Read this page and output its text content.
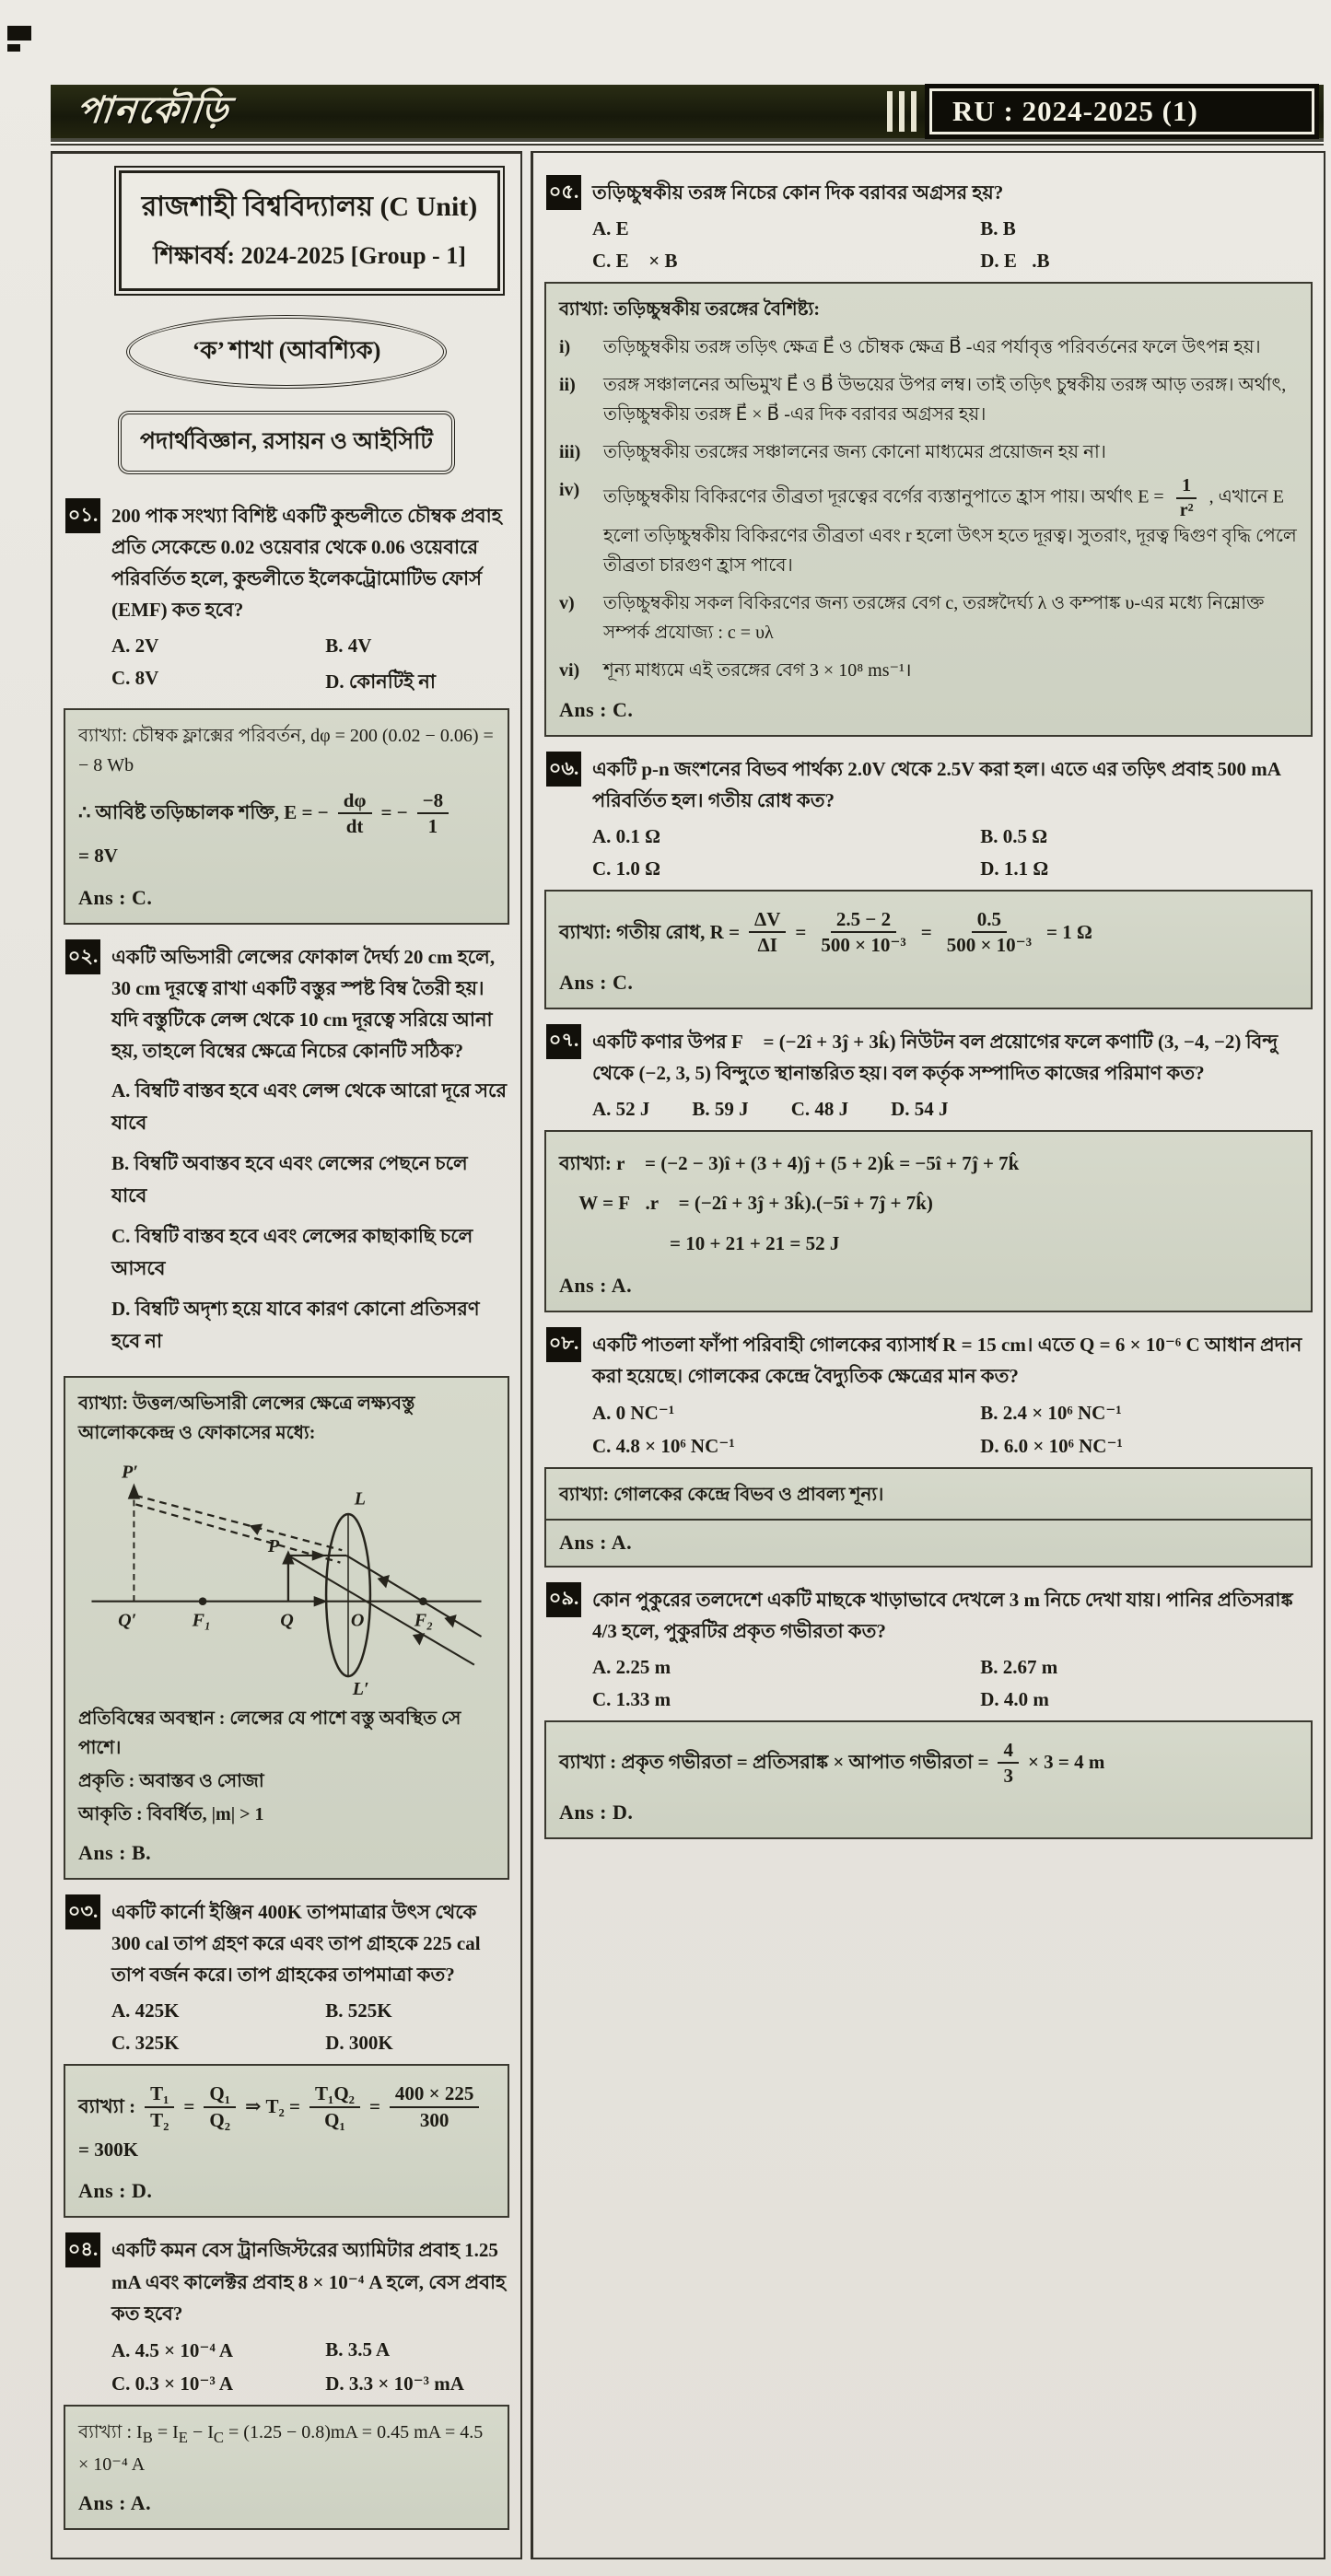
পানকৌড়ি	RU : 2024-2025 (1)
রাজশাহী বিশ্ববিদ্যালয় (C Unit)
শিক্ষাবর্ষ: 2024-2025 [Group - 1]
‘ক’ শাখা (আবশ্যিক)
পদার্থবিজ্ঞান, রসায়ন ও আইসিটি
০১. 200 পাক সংখ্যা বিশিষ্ট একটি কুন্ডলীতে চৌম্বক প্রবাহ প্রতি সেকেন্ডে 0.02 ওয়েবার থেকে 0.06 ওয়েবারে পরিবর্তিত হলে, কুন্ডলীতে ইলেকট্রোমোটিভ ফোর্স (EMF) কত হবে?

A. 2V	B. 4V
C. 8V	D. কোনটিই না

ব্যাখ্যা: চৌম্বক ফ্লাক্সের পরিবর্তন, dφ = 200 (0.02 − 0.06) = − 8 Wb

∴ আবিষ্ট তড়িচ্চালক শক্তি, E = − $\frac{d\varphi}{dt}$ = − $\frac{-8}{1}$
= 8V

Ans : C.

০২. একটি অভিসারী লেন্সের ফোকাল দৈর্ঘ্য 20 cm হলে, 30 cm দূরত্বে রাখা একটি বস্তুর স্পষ্ট বিম্ব তৈরী হয়। যদি বস্তুটিকে লেন্স থেকে 10 cm দূরত্বে সরিয়ে আনা হয়, তাহলে বিম্বের ক্ষেত্রে নিচের কোনটি সঠিক?

A. বিম্বটি বাস্তব হবে এবং লেন্স থেকে আরো দূরে সরে যাবে
B. বিম্বটি অবাস্তব হবে এবং লেন্সের পেছনে চলে যাবে
C. বিম্বটি বাস্তব হবে এবং লেন্সের কাছাকাছি চলে আসবে
D. বিম্বটি অদৃশ্য হয়ে যাবে কারণ কোনো প্রতিসরণ হবে না

ব্যাখ্যা: উত্তল/অভিসারী লেন্সের ক্ষেত্রে লক্ষ্যবস্তু আলোককেন্দ্র ও ফোকাসের মধ্যে:

P′
L
P
Q′	F₁	Q	O	F₂
L′

প্রতিবিম্বের অবস্থান : লেন্সের যে পাশে বস্তু অবস্থিত সে পাশে।

প্রকৃতি : অবাস্তব ও সোজা

আকৃতি : বিবর্ধিত, |m| > 1

Ans : B.

০৩. একটি কার্নো ইঞ্জিন 400K তাপমাত্রার উৎস থেকে 300 cal তাপ গ্রহণ করে এবং তাপ গ্রাহকে 225 cal তাপ বর্জন করে। তাপ গ্রাহকের তাপমাত্রা কত?

A. 425K	B. 525K
C. 325K	D. 300K

ব্যাখ্যা : $\frac{\text{T₁}}{\text{T₂}} = \frac{\text{Q₁}}{\text{Q₂}}$ ⇒ $T_2 = \frac{\text{T₁Q₂}}{\text{Q₁}} = \frac{400 \times 225}{300}$
= 300K

Ans : D.

০৪. একটি কমন বেস ট্রানজিস্টরের অ্যামিটার প্রবাহ 1.25 mA এবং কালেক্টর প্রবাহ 8 × 10⁻⁴ A হলে, বেস প্রবাহ কত হবে?

A. 4.5 × 10⁻⁴ A	B. 3.5 A
C. 0.3 × 10⁻³ A	D. 3.3 × 10⁻³ mA

ব্যাখ্যা : $I_B = I_E - I_C = (1.25 - 0.8)mA = 0.45$ mA = 4.5 × 10⁻⁴ A

Ans : A.

০৫. তড়িচ্চুম্বকীয় তরঙ্গ নিচের কোন দিক বরাবর অগ্রসর হয়?

A. E⃗	B. B⃗
C. E⃗ × B⃗	D. E⃗.B⃗

ব্যাখ্যা: তড়িচ্চুম্বকীয় তরঙ্গের বৈশিষ্ট্য:

i)	তড়িচ্চুম্বকীয় তরঙ্গ তড়িৎ ক্ষেত্র E⃗ ও চৌম্বক ক্ষেত্র B⃗ -এর পর্যাবৃত্ত পরিবর্তনের ফলে উৎপন্ন হয়।
ii)	তরঙ্গ সঞ্চালনের অভিমুখ E⃗ ও B⃗ উভয়ের উপর লম্ব। তাই তড়িৎ চুম্বকীয় তরঙ্গ আড় তরঙ্গ। অর্থাৎ, তড়িচ্চুম্বকীয় তরঙ্গ E⃗ × B⃗ -এর দিক বরাবর অগ্রসর হয়।
iii)	তড়িচ্চুম্বকীয় তরঙ্গের সঞ্চালনের জন্য কোনো মাধ্যমের প্রয়োজন হয় না।
iv)	তড়িচ্চুম্বকীয় বিকিরণের তীব্রতা দূরত্বের বর্গের ব্যস্তানুপাতে হ্রাস পায়। অর্থাৎ $E = \frac{1}{\text{r²}}$ , এখানে E হলো তড়িচ্চুম্বকীয় বিকিরণের তীব্রতা এবং r হলো উৎস হতে দূরত্ব। সুতরাং, দূরত্ব দ্বিগুণ বৃদ্ধি পেলে তীব্রতা চারগুণ হ্রাস পাবে।
v)	তড়িচ্চুম্বকীয় সকল বিকিরণের জন্য তরঙ্গের বেগ c, তরঙ্গদৈর্ঘ্য λ ও কম্পাঙ্ক υ-এর মধ্যে নিম্নোক্ত সম্পর্ক প্রযোজ্য : c = υλ
vi)	শূন্য মাধ্যমে এই তরঙ্গের বেগ 3 × 10⁸ ms⁻¹।

Ans : C.

০৬. একটি p-n জংশনের বিভব পার্থক্য 2.0V থেকে 2.5V করা হল। এতে এর তড়িৎ প্রবাহ 500 mA পরিবর্তিত হল। গতীয় রোধ কত?

A. 0.1 Ω	B. 0.5 Ω
C. 1.0 Ω	D. 1.1 Ω

ব্যাখ্যা: গতীয় রোধ, $R = \frac{\Delta V}{\Delta I} = \frac{2.5 - 2}{\text{500 × 10⁻³}} = \frac{0.5}{\text{500 × 10⁻³}} = 1$ Ω

Ans : C.

০৭. একটি কণার উপর F⃗ = (−2î + 3ĵ + 3k̂) নিউটন বল প্রয়োগের ফলে কণাটি (3, −4, −2) বিন্দু থেকে (−2, 3, 5) বিন্দুতে স্থানান্তরিত হয়। বল কর্তৃক সম্পাদিত কাজের পরিমাণ কত?

A. 52 J B. 59 J C. 48 J D. 54 J

ব্যাখ্যা: r⃗ = (−2 − 3)î + (3 + 4)ĵ + (5 + 2)k̂ = −5î + 7ĵ + 7k̂

∴ W = F⃗.r⃗ = (−2î + 3ĵ + 3k̂).(−5î + 7ĵ + 7k̂)

= 10 + 21 + 21 = 52 J

Ans : A.

০৮. একটি পাতলা ফাঁপা পরিবাহী গোলকের ব্যাসার্ধ R = 15 cm। এতে Q = 6 × 10⁻⁶ C আধান প্রদান করা হয়েছে। গোলকের কেন্দ্রে বৈদ্যুতিক ক্ষেত্রের মান কত?

A. 0 NC⁻¹	B. 2.4 × 10⁶ NC⁻¹
C. 4.8 × 10⁶ NC⁻¹	D. 6.0 × 10⁶ NC⁻¹

ব্যাখ্যা: গোলকের কেন্দ্রে বিভব ও প্রাবল্য শূন্য।

Ans : A.

০৯. কোন পুকুরের তলদেশে একটি মাছকে খাড়াভাবে দেখলে 3 m নিচে দেখা যায়। পানির প্রতিসরাঙ্ক 4/3 হলে, পুকুরটির প্রকৃত গভীরতা কত?

A. 2.25 m	B. 2.67 m
C. 1.33 m	D. 4.0 m

ব্যাখ্যা : প্রকৃত গভীরতা = প্রতিসরাঙ্ক × আপাত গভীরতা = $\frac{4}{3} \times 3 = 4$ m

Ans : D.
